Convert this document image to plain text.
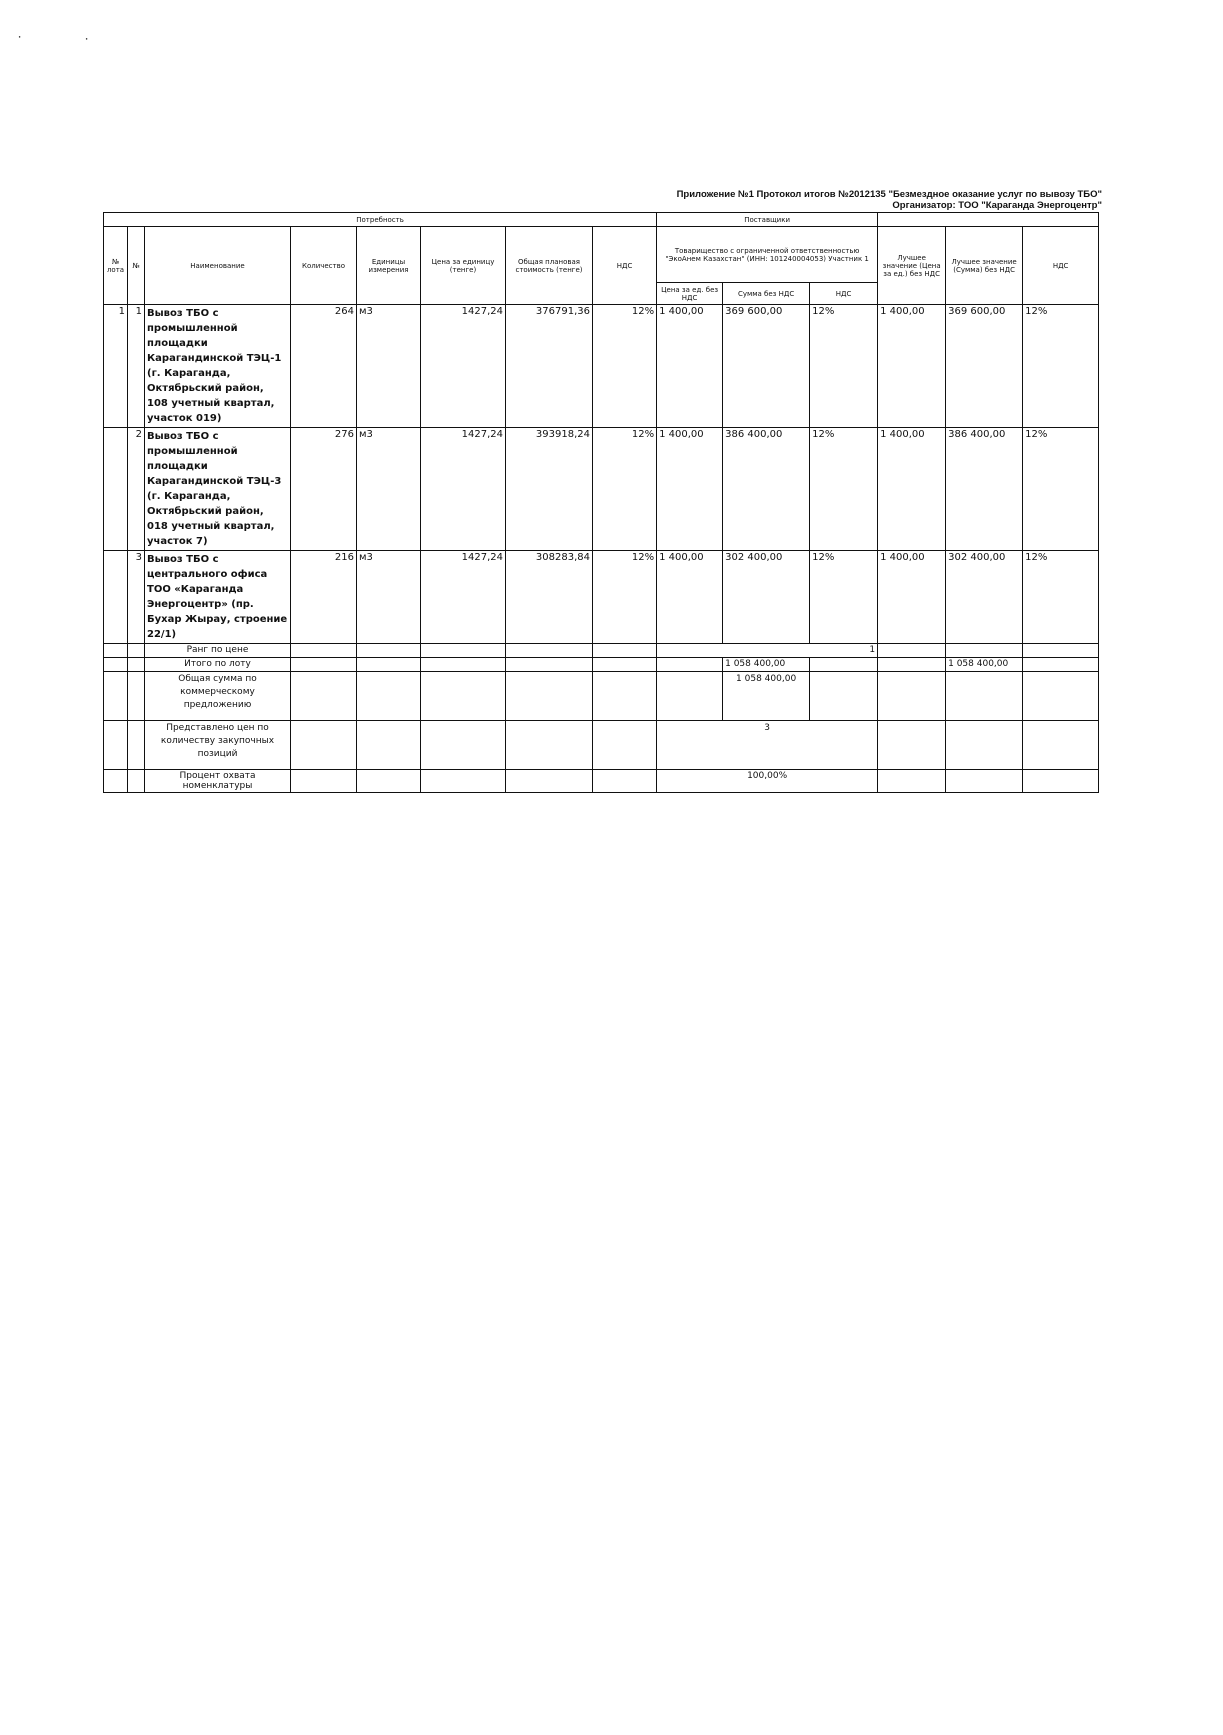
Приложение №1 Протокол итогов №2012135 "Безмездное оказание услуг по вывозу ТБО"
Организатор: ТОО "Караганда Энергоцентр"
Потребность								Поставщики					
№ лота	№	Наименование	Количество	Единицы измерения	Цена за единицу (тенге)	Общая плановая стоимость (тенге)	НДС	Товарищество с ограниченной ответственностью "ЭкоАнем Казахстан" (ИНН: 101240004053) Участник 1			Лучшее значение (Цена за ед.) без НДС	Лучшее значение (Сумма) без НДС	НДС
								Цена за ед. без НДС	Сумма без НДС	НДС			
1	1	Вывоз ТБО с промышленной площадки Карагандинской ТЭЦ-1 (г. Караганда, Октябрьский район, 108 учетный квартал, участок 019)	264	м3	1427,24	376791,36	12%	1 400,00	369 600,00	12%	1 400,00	369 600,00	12%
	2	Вывоз ТБО с промышленной площадки Карагандинской ТЭЦ-3 (г. Караганда, Октябрьский район, 018 учетный квартал, участок 7)	276	м3	1427,24	393918,24	12%	1 400,00	386 400,00	12%	1 400,00	386 400,00	12%
	3	Вывоз ТБО с центрального офиса ТОО «Караганда Энергоцентр» (пр. Бухар Жырау, строение 22/1)	216	м3	1427,24	308283,84	12%	1 400,00	302 400,00	12%	1 400,00	302 400,00	12%
		Ранг по цене						1					
		Итого по лоту							1 058 400,00			1 058 400,00	
		Общая сумма по коммерческому предложению							1 058 400,00				
		Представлено цен по количеству закупочных позиций						3					
		Процент охвата номенклатуры						100,00%					
⸱	⸱
